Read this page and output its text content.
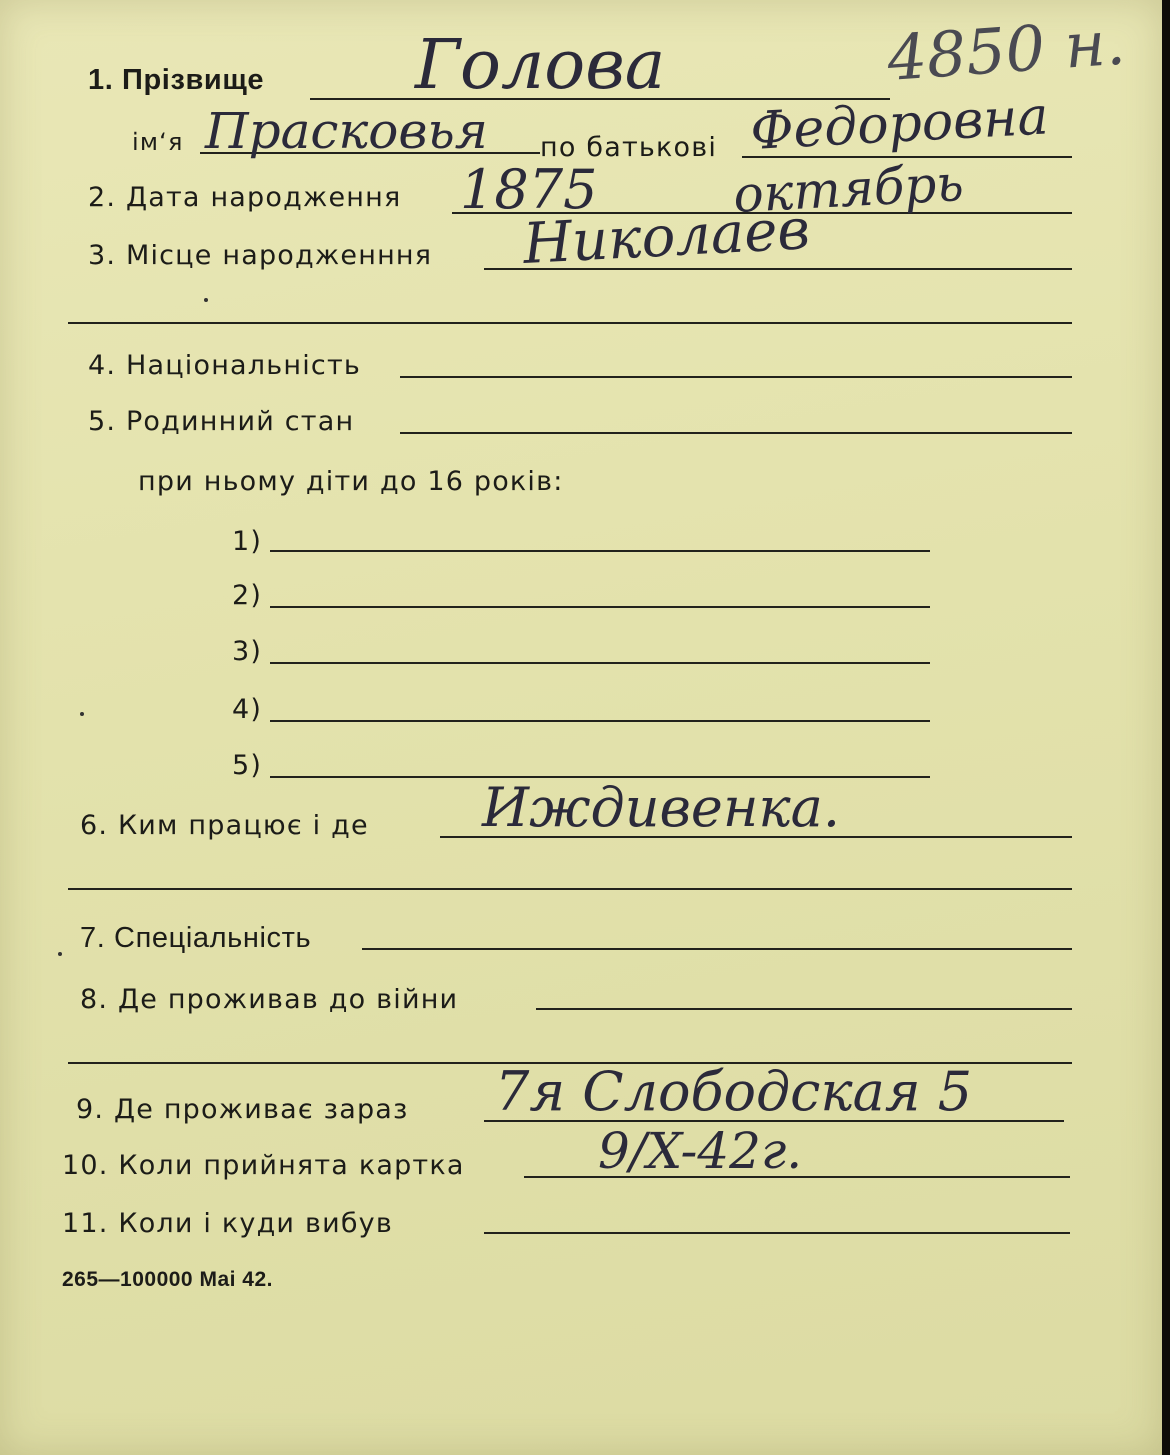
4850 н.
1. Прізвище Голова
ім‘я Прасковья по батькові Федоровна
2. Дата народження 1875	октябрь
3. Місце народженння Николаев
4. Національність
5. Родинний стан
при ньому діти до 16 років:
1)
2)
3)
4)
5)
6. Ким працює і де Иждивенка.
7. Спеціальність
8. Де проживав до війни
9. Де проживає зараз 7я Слободская 5
10. Коли прийнята картка	9/X-42г.
11. Коли і куди вибув
265—100000 Mai 42.
